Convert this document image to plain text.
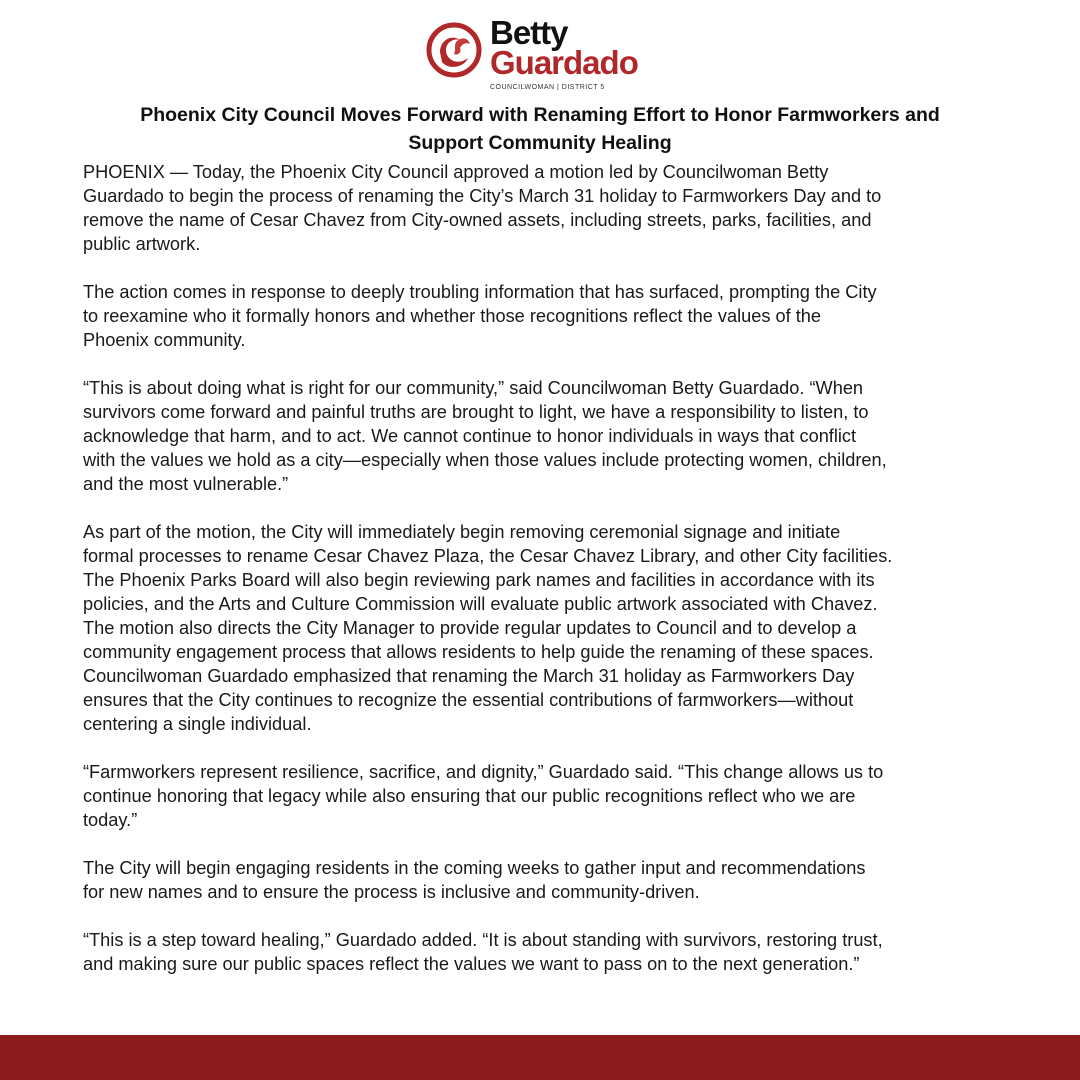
Betty
Guardado
COUNCILWOMAN | DISTRICT 5
Phoenix City Council Moves Forward with Renaming Effort to Honor Farmworkers and
Support Community Healing

PHOENIX — Today, the Phoenix City Council approved a motion led by Councilwoman Betty
Guardado to begin the process of renaming the City’s March 31 holiday to Farmworkers Day and to
remove the name of Cesar Chavez from City-owned assets, including streets, parks, facilities, and
public artwork.

The action comes in response to deeply troubling information that has surfaced, prompting the City
to reexamine who it formally honors and whether those recognitions reflect the values of the
Phoenix community.

“This is about doing what is right for our community,” said Councilwoman Betty Guardado. “When
survivors come forward and painful truths are brought to light, we have a responsibility to listen, to
acknowledge that harm, and to act. We cannot continue to honor individuals in ways that conflict
with the values we hold as a city—especially when those values include protecting women, children,
and the most vulnerable.”

As part of the motion, the City will immediately begin removing ceremonial signage and initiate
formal processes to rename Cesar Chavez Plaza, the Cesar Chavez Library, and other City facilities.
The Phoenix Parks Board will also begin reviewing park names and facilities in accordance with its
policies, and the Arts and Culture Commission will evaluate public artwork associated with Chavez.
The motion also directs the City Manager to provide regular updates to Council and to develop a
community engagement process that allows residents to help guide the renaming of these spaces.
Councilwoman Guardado emphasized that renaming the March 31 holiday as Farmworkers Day
ensures that the City continues to recognize the essential contributions of farmworkers—without
centering a single individual.

“Farmworkers represent resilience, sacrifice, and dignity,” Guardado said. “This change allows us to
continue honoring that legacy while also ensuring that our public recognitions reflect who we are
today.”

The City will begin engaging residents in the coming weeks to gather input and recommendations
for new names and to ensure the process is inclusive and community-driven.

“This is a step toward healing,” Guardado added. “It is about standing with survivors, restoring trust,
and making sure our public spaces reflect the values we want to pass on to the next generation.”
